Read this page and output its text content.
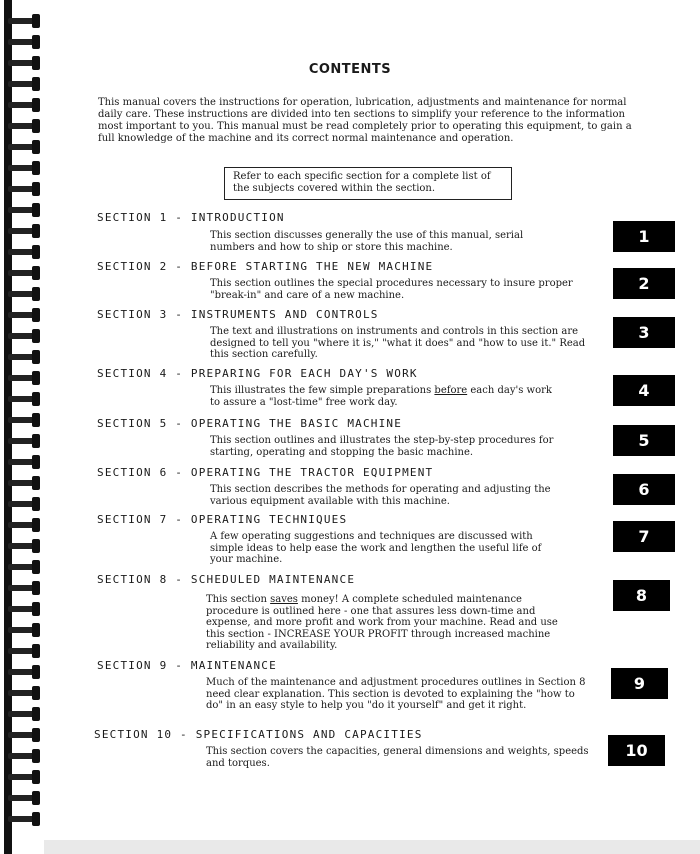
CONTENTS
This manual covers the instructions for operation, lubrication, adjustments and maintenance for normal daily care. These instructions are divided into ten sections to simplify your reference to the information most important to you. This manual must be read completely prior to operating this equipment, to gain a full knowledge of the machine and its correct normal maintenance and operation.
Refer to each specific section for a complete list of the subjects covered within the section.
SECTION 1 - INTRODUCTION
This section discusses generally the use of this manual, serial numbers and how to ship or store this machine.
1
SECTION 2 - BEFORE STARTING THE NEW MACHINE
This section outlines the special procedures necessary to insure proper "break-in" and care of a new machine.
2
SECTION 3 - INSTRUMENTS AND CONTROLS
The text and illustrations on instruments and controls in this section are designed to tell you "where it is," "what it does" and "how to use it." Read this section carefully.
3
SECTION 4 - PREPARING FOR EACH DAY'S WORK
This illustrates the few simple preparations before each day's work to assure a "lost-time" free work day.
4
SECTION 5 - OPERATING THE BASIC MACHINE
This section outlines and illustrates the step-by-step procedures for starting, operating and stopping the basic machine.
5
SECTION 6 - OPERATING THE TRACTOR EQUIPMENT
This section describes the methods for operating and adjusting the various equipment available with this machine.
6
SECTION 7 - OPERATING TECHNIQUES
A few operating suggestions and techniques are discussed with simple ideas to help ease the work and lengthen the useful life of your machine.
7
SECTION 8 - SCHEDULED MAINTENANCE
This section saves money! A complete scheduled maintenance procedure is outlined here - one that assures less down-time and expense, and more profit and work from your machine. Read and use this section - INCREASE YOUR PROFIT through increased machine reliability and availability.
8
SECTION 9 - MAINTENANCE
Much of the maintenance and adjustment procedures outlines in Section 8 need clear explanation. This section is devoted to explaining the "how to do" in an easy style to help you "do it yourself" and get it right.
9
SECTION 10 - SPECIFICATIONS AND CAPACITIES
This section covers the capacities, general dimensions and weights, speeds and torques.
10
